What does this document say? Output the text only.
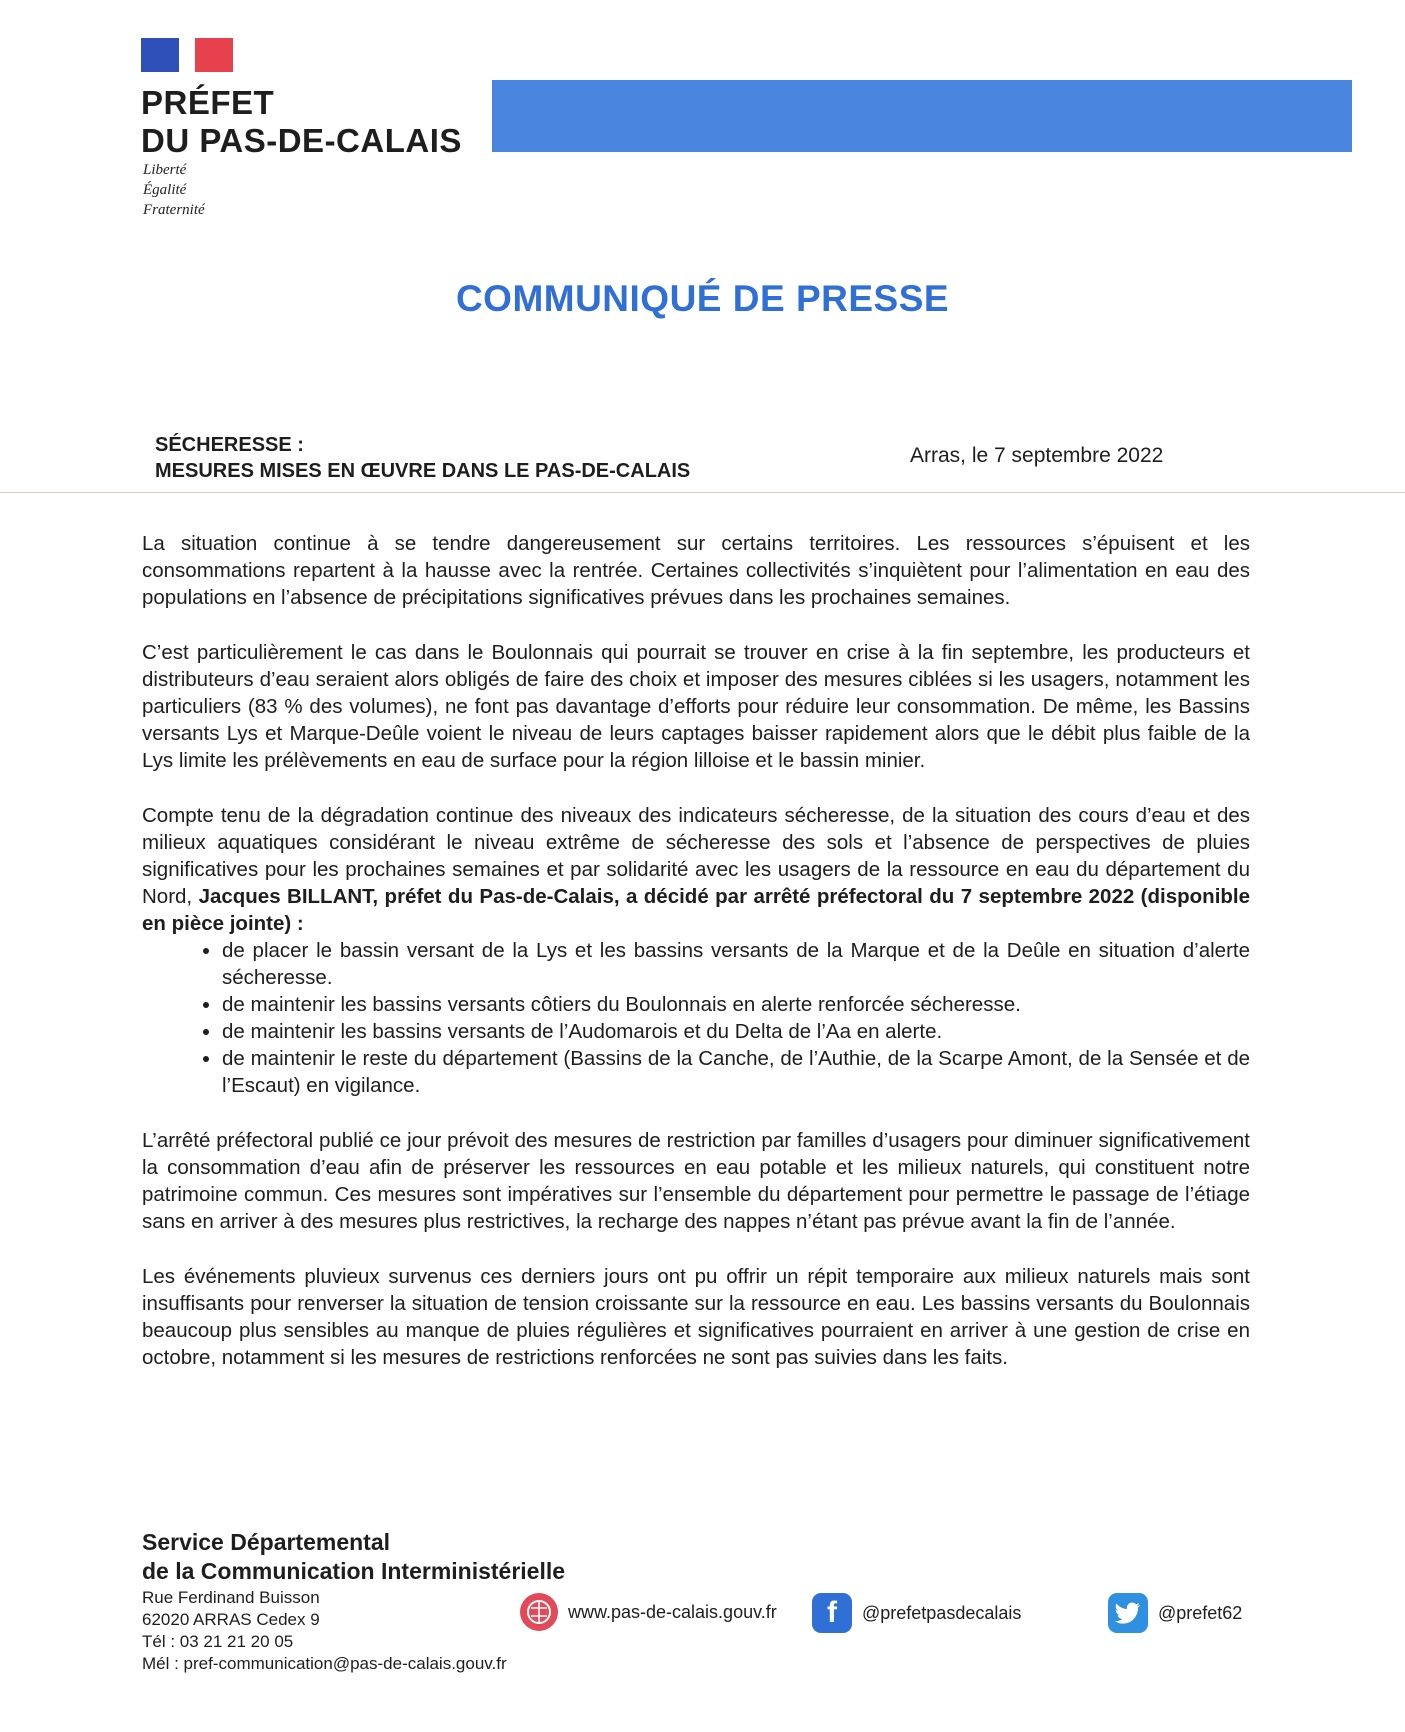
PRÉFET
DU PAS-DE-CALAIS
Liberté
Égalité
Fraternité
COMMUNIQUÉ DE PRESSE
SÉCHERESSE :
MESURES MISES EN ŒUVRE DANS LE PAS-DE-CALAIS
Arras, le 7 septembre 2022

La situation continue à se tendre dangereusement sur certains territoires. Les ressources s’épuisent et les consommations repartent à la hausse avec la rentrée. Certaines collectivités s’inquiètent pour l’alimentation en eau des populations en l’absence de précipitations significatives prévues dans les prochaines semaines.

C’est particulièrement le cas dans le Boulonnais qui pourrait se trouver en crise à la fin septembre, les producteurs et distributeurs d’eau seraient alors obligés de faire des choix et imposer des mesures ciblées si les usagers, notamment les particuliers (83 % des volumes), ne font pas davantage d’efforts pour réduire leur consommation. De même, les Bassins versants Lys et Marque-Deûle voient le niveau de leurs captages baisser rapidement alors que le débit plus faible de la Lys limite les prélèvements en eau de surface pour la région lilloise et le bassin minier.

Compte tenu de la dégradation continue des niveaux des indicateurs sécheresse, de la situation des cours d’eau et des milieux aquatiques considérant le niveau extrême de sécheresse des sols et l’absence de perspectives de pluies significatives pour les prochaines semaines et par solidarité avec les usagers de la ressource en eau du département du Nord, Jacques BILLANT, préfet du Pas-de-Calais, a décidé par arrêté préfectoral du 7 septembre 2022 (disponible en pièce jointe) :

• de placer le bassin versant de la Lys et les bassins versants de la Marque et de la Deûle en situation d’alerte sécheresse.
• de maintenir les bassins versants côtiers du Boulonnais en alerte renforcée sécheresse.
• de maintenir les bassins versants de l’Audomarois et du Delta de l’Aa en alerte.
• de maintenir le reste du département (Bassins de la Canche, de l’Authie, de la Scarpe Amont, de la Sensée et de l’Escaut) en vigilance.

L’arrêté préfectoral publié ce jour prévoit des mesures de restriction par familles d’usagers pour diminuer significativement la consommation d’eau afin de préserver les ressources en eau potable et les milieux naturels, qui constituent notre patrimoine commun. Ces mesures sont impératives sur l’ensemble du département pour permettre le passage de l’étiage sans en arriver à des mesures plus restrictives, la recharge des nappes n’étant pas prévue avant la fin de l’année.

Les événements pluvieux survenus ces derniers jours ont pu offrir un répit temporaire aux milieux naturels mais sont insuffisants pour renverser la situation de tension croissante sur la ressource en eau. Les bassins versants du Boulonnais beaucoup plus sensibles au manque de pluies régulières et significatives pourraient en arriver à une gestion de crise en octobre, notamment si les mesures de restrictions renforcées ne sont pas suivies dans les faits.

Service Départemental
de la Communication Interministérielle
Rue Ferdinand Buisson
62020 ARRAS Cedex 9
Tél : 03 21 21 20 05
Mél : pref-communication@pas-de-calais.gouv.fr
www.pas-de-calais.gouv.fr	f	@prefetpasdecalais	@prefet62
